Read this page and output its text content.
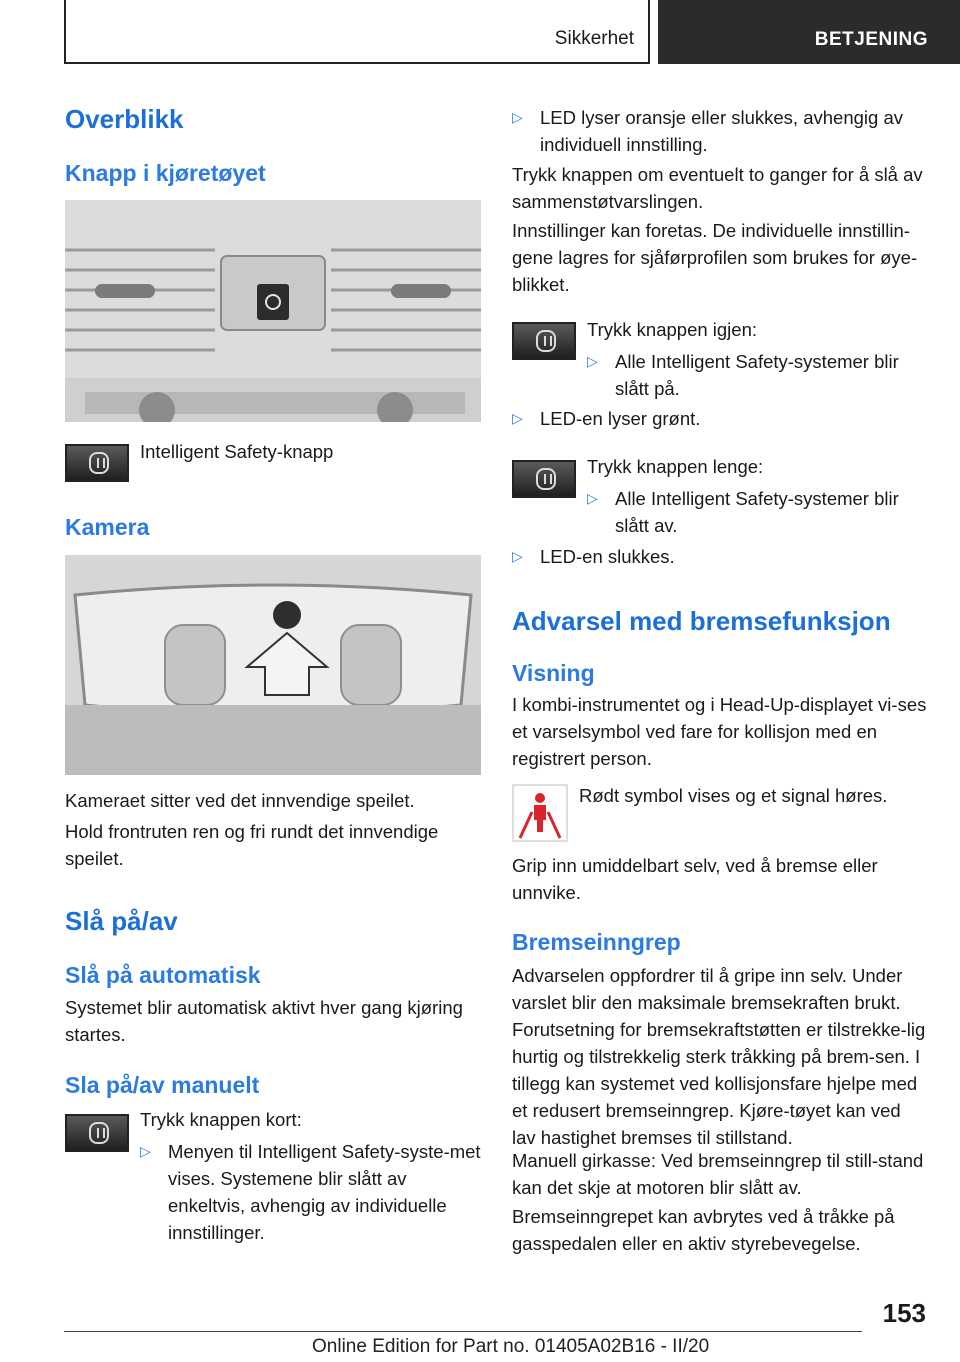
Sikkerhet	BETJENING
Overblikk
Knapp i kjøretøyet
Intelligent Safety-knapp
Kamera
Kameraet sitter ved det innvendige speilet.
Hold frontruten ren og fri rundt det innvendige speilet.
Slå på/av
Slå på automatisk
Systemet blir automatisk aktivt hver gang kjøring startes.
Sla på/av manuelt
Trykk knappen kort:
▷ Menyen til Intelligent Safety-syste‐met vises. Systemene blir slått av enkeltvis, avhengig av individuelle innstillinger.
▷ LED lyser oransje eller slukkes, avhengig av individuell innstilling.
Trykk knappen om eventuelt to ganger for å slå av sammenstøtvarslingen.
Innstillinger kan foretas. De individuelle innstillin‐gene lagres for sjåførprofilen som brukes for øye‐blikket.
Trykk knappen igjen:
▷ Alle Intelligent Safety-systemer blir slått på.
▷ LED-en lyser grønt.
Trykk knappen lenge:
▷ Alle Intelligent Safety-systemer blir slått av.
▷ LED-en slukkes.
Advarsel med bremsefunksjon
Visning
I kombi-instrumentet og i Head-Up-displayet vi‐ses et varselsymbol ved fare for kollisjon med en registrert person.
Rødt symbol vises og et signal høres.
Grip inn umiddelbart selv, ved å bremse eller unnvike.
Bremseinngrep
Advarselen oppfordrer til å gripe inn selv. Under varslet blir den maksimale bremsekraften brukt. Forutsetning for bremsekraftstøtten er tilstrekke‐lig hurtig og tilstrekkelig sterk tråkking på brem‐sen. I tillegg kan systemet ved kollisjonsfare hjelpe med et redusert bremseinngrep. Kjøre‐tøyet kan ved lav hastighet bremses til stillstand.
Manuell girkasse: Ved bremseinngrep til still‐stand kan det skje at motoren blir slått av.
Bremseinngrepet kan avbrytes ved å tråkke på gasspedalen eller en aktiv styrebevegelse.
153
Online Edition for Part no. 01405A02B16 - II/20
